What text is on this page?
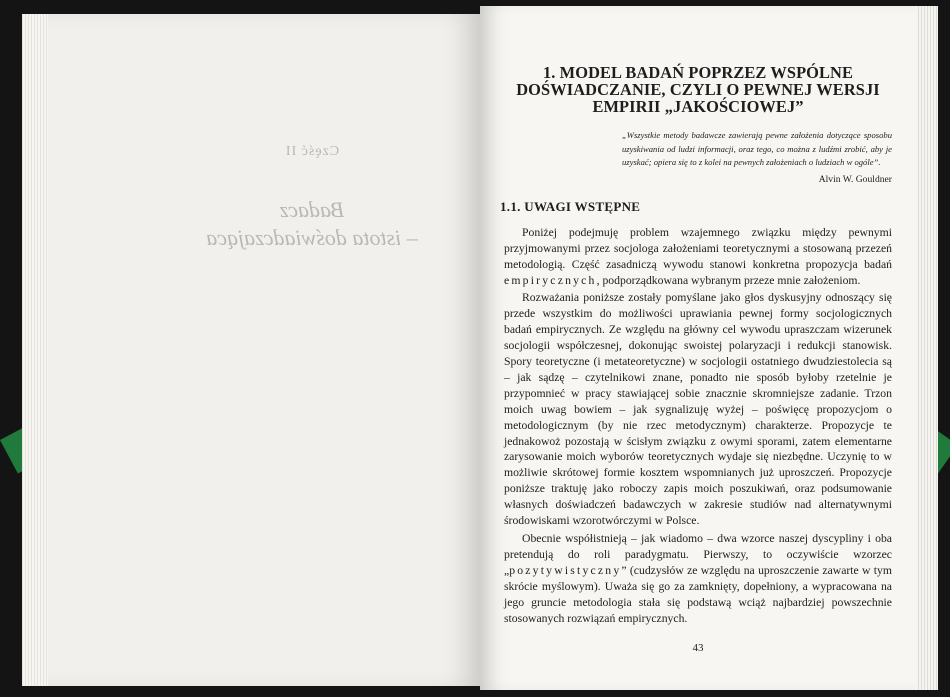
Część II
Badacz
– istota doświadczająca
1. MODEL BADAŃ POPRZEZ WSPÓLNE DOŚWIADCZANIE, CZYLI O PEWNEJ WERSJI EMPIRII „JAKOŚCIOWEJ”
„Wszystkie metody badawcze zawierają pewne założenia dotyczące sposobu uzyskiwania od ludzi informacji, oraz tego, co można z ludźmi zrobić, aby je uzyskać; opiera się to z kolei na pewnych założeniach o ludziach w ogóle”.
Alvin W. Gouldner
1.1. UWAGI WSTĘPNE

Poniżej podejmuję problem wzajemnego związku między pewnymi przyjmowanymi przez socjologa założeniami teoretycznymi a stosowaną przezeń metodologią. Część zasadniczą wywodu stanowi konkretna propozycja badań empirycznych, podporządkowana wybranym przeze mnie założeniom.

Rozważania poniższe zostały pomyślane jako głos dyskusyjny odnoszący się przede wszystkim do możliwości uprawiania pewnej formy socjologicznych badań empirycznych. Ze względu na główny cel wywodu upraszczam wizerunek socjologii współczesnej, dokonując swoistej polaryzacji i redukcji stanowisk. Spory teoretyczne (i metateoretyczne) w socjologii ostatniego dwudziestolecia są – jak sądzę – czytelnikowi znane, ponadto nie sposób byłoby rzetelnie je przypomnieć w pracy stawiającej sobie znacznie skromniejsze zadanie. Trzon moich uwag bowiem – jak sygnalizuję wyżej – poświęcę propozycjom o metodologicznym (by nie rzec metodycznym) charakterze. Propozycje te jednakowoż pozostają w ścisłym związku z owymi sporami, zatem elementarne zarysowanie moich wyborów teoretycznych wydaje się niezbędne. Uczynię to w możliwie skrótowej formie kosztem wspomnianych już uproszczeń. Propozycje poniższe traktuję jako roboczy zapis moich poszukiwań, oraz podsumowanie własnych doświadczeń badawczych w zakresie studiów nad alternatywnymi środowiskami wzorotwórczymi w Polsce.

Obecnie współistnieją – jak wiadomo – dwa wzorce naszej dyscypliny i oba pretendują do roli paradygmatu. Pierwszy, to oczywiście wzorzec „pozytywistyczny” (cudzysłów ze względu na uproszczenie zawarte w tym skrócie myślowym). Uważa się go za zamknięty, dopełniony, a wypracowana na jego gruncie metodologia stała się podstawą wciąż najbardziej powszechnie stosowanych rozwiązań empirycznych.

43
